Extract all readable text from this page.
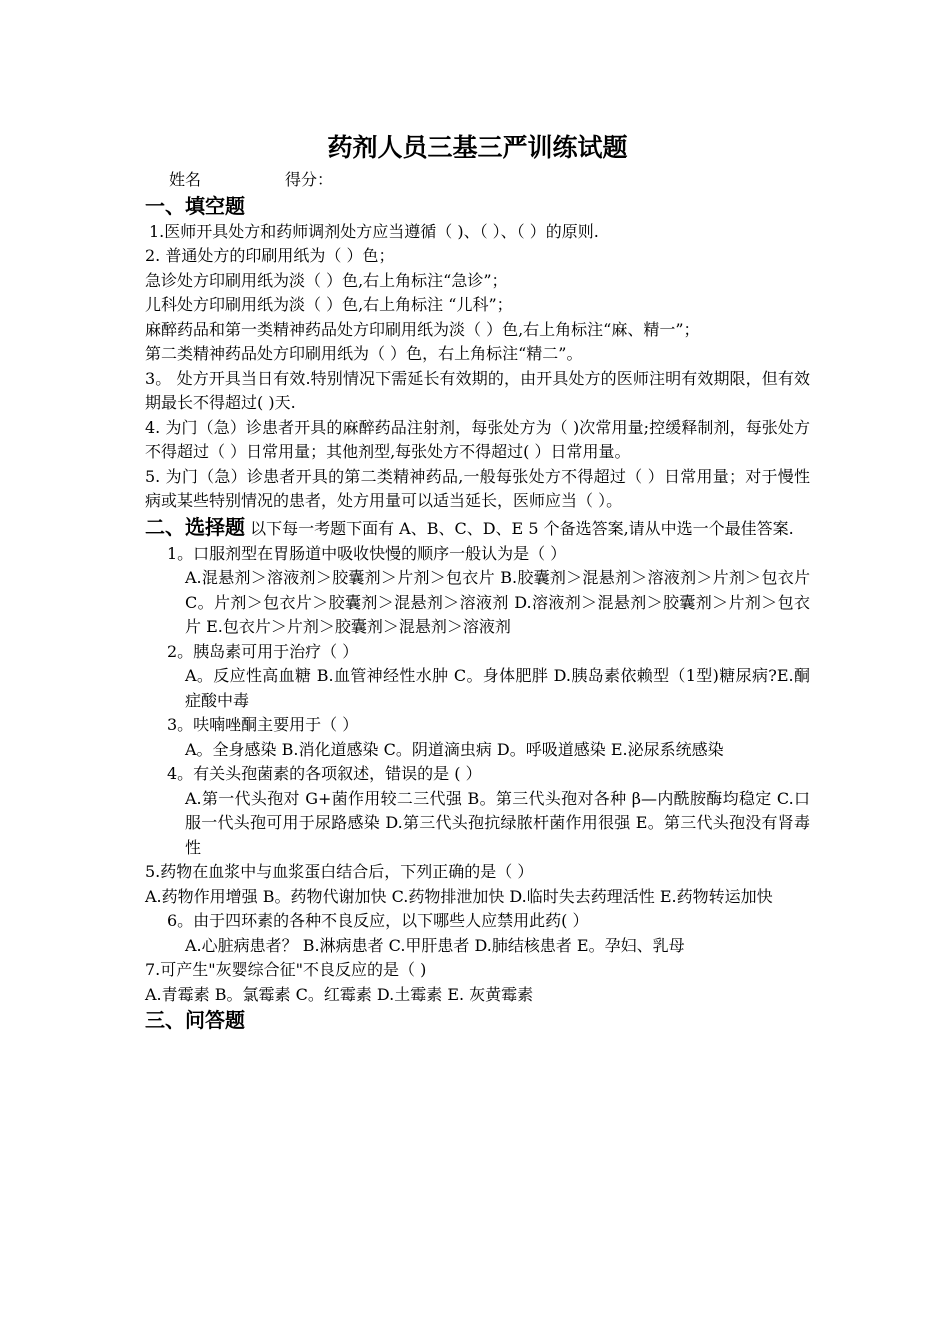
药剂人员三基三严训练试题
姓名	得分：
一、填空题
1.医师开具处方和药师调剂处方应当遵循（ )、（ ）、（ ）的原则.
2. 普通处方的印刷用纸为（ ）色；
急诊处方印刷用纸为淡（ ）色,右上角标注“急诊”；
儿科处方印刷用纸为淡（ ）色,右上角标注 “儿科”；
麻醉药品和第一类精神药品处方印刷用纸为淡（ ）色,右上角标注“麻、精一”；
第二类精神药品处方印刷用纸为（ ）色，右上角标注“精二”。
3。 处方开具当日有效.特别情况下需延长有效期的，由开具处方的医师注明有效期限，但有效期最长不得超过( )天.
4. 为门（急）诊患者开具的麻醉药品注射剂，每张处方为（ )次常用量;控缓释制剂，每张处方不得超过（ ）日常用量；其他剂型,每张处方不得超过( ）日常用量。
5. 为门（急）诊患者开具的第二类精神药品,一般每张处方不得超过（ ）日常用量；对于慢性病或某些特别情况的患者，处方用量可以适当延长，医师应当（ ）。
二、选择题 以下每一考题下面有 A、B、C、D、E 5 个备选答案,请从中选一个最佳答案.
1。口服剂型在胃肠道中吸收快慢的顺序一般认为是（ ）
A.混悬剂＞溶液剂＞胶囊剂＞片剂＞包衣片 B.胶囊剂＞混悬剂＞溶液剂＞片剂＞包衣片 C。片剂＞包衣片＞胶囊剂＞混悬剂＞溶液剂 D.溶液剂＞混悬剂＞胶囊剂＞片剂＞包衣片 E.包衣片＞片剂＞胶囊剂＞混悬剂＞溶液剂
2。胰岛素可用于治疗（ ）
A。反应性高血糖 B.血管神经性水肿 C。身体肥胖 D.胰岛素依赖型（1型)糖尿病?E.酮症酸中毒
3。呋喃唑酮主要用于（ ）
A。全身感染 B.消化道感染 C。阴道滴虫病 D。呼吸道感染 E.泌尿系统感染
4。有关头孢菌素的各项叙述，错误的是 ( ）
A.第一代头孢对 G+菌作用较二三代强 B。第三代头孢对各种 β—内酰胺酶均稳定 C.口服一代头孢可用于尿路感染 D.第三代头孢抗绿脓杆菌作用很强 E。第三代头孢没有肾毒性
5.药物在血浆中与血浆蛋白结合后，下列正确的是（ ）
A.药物作用增强 B。药物代谢加快 C.药物排泄加快 D.临时失去药理活性 E.药物转运加快
6。由于四环素的各种不良反应，以下哪些人应禁用此药( ）
A.心脏病患者？ B.淋病患者 C.甲肝患者 D.肺结核患者 E。孕妇、乳母
7.可产生"灰婴综合征"不良反应的是（ )
A.青霉素 B。氯霉素 C。红霉素 D.土霉素 E. 灰黄霉素
三、问答题
